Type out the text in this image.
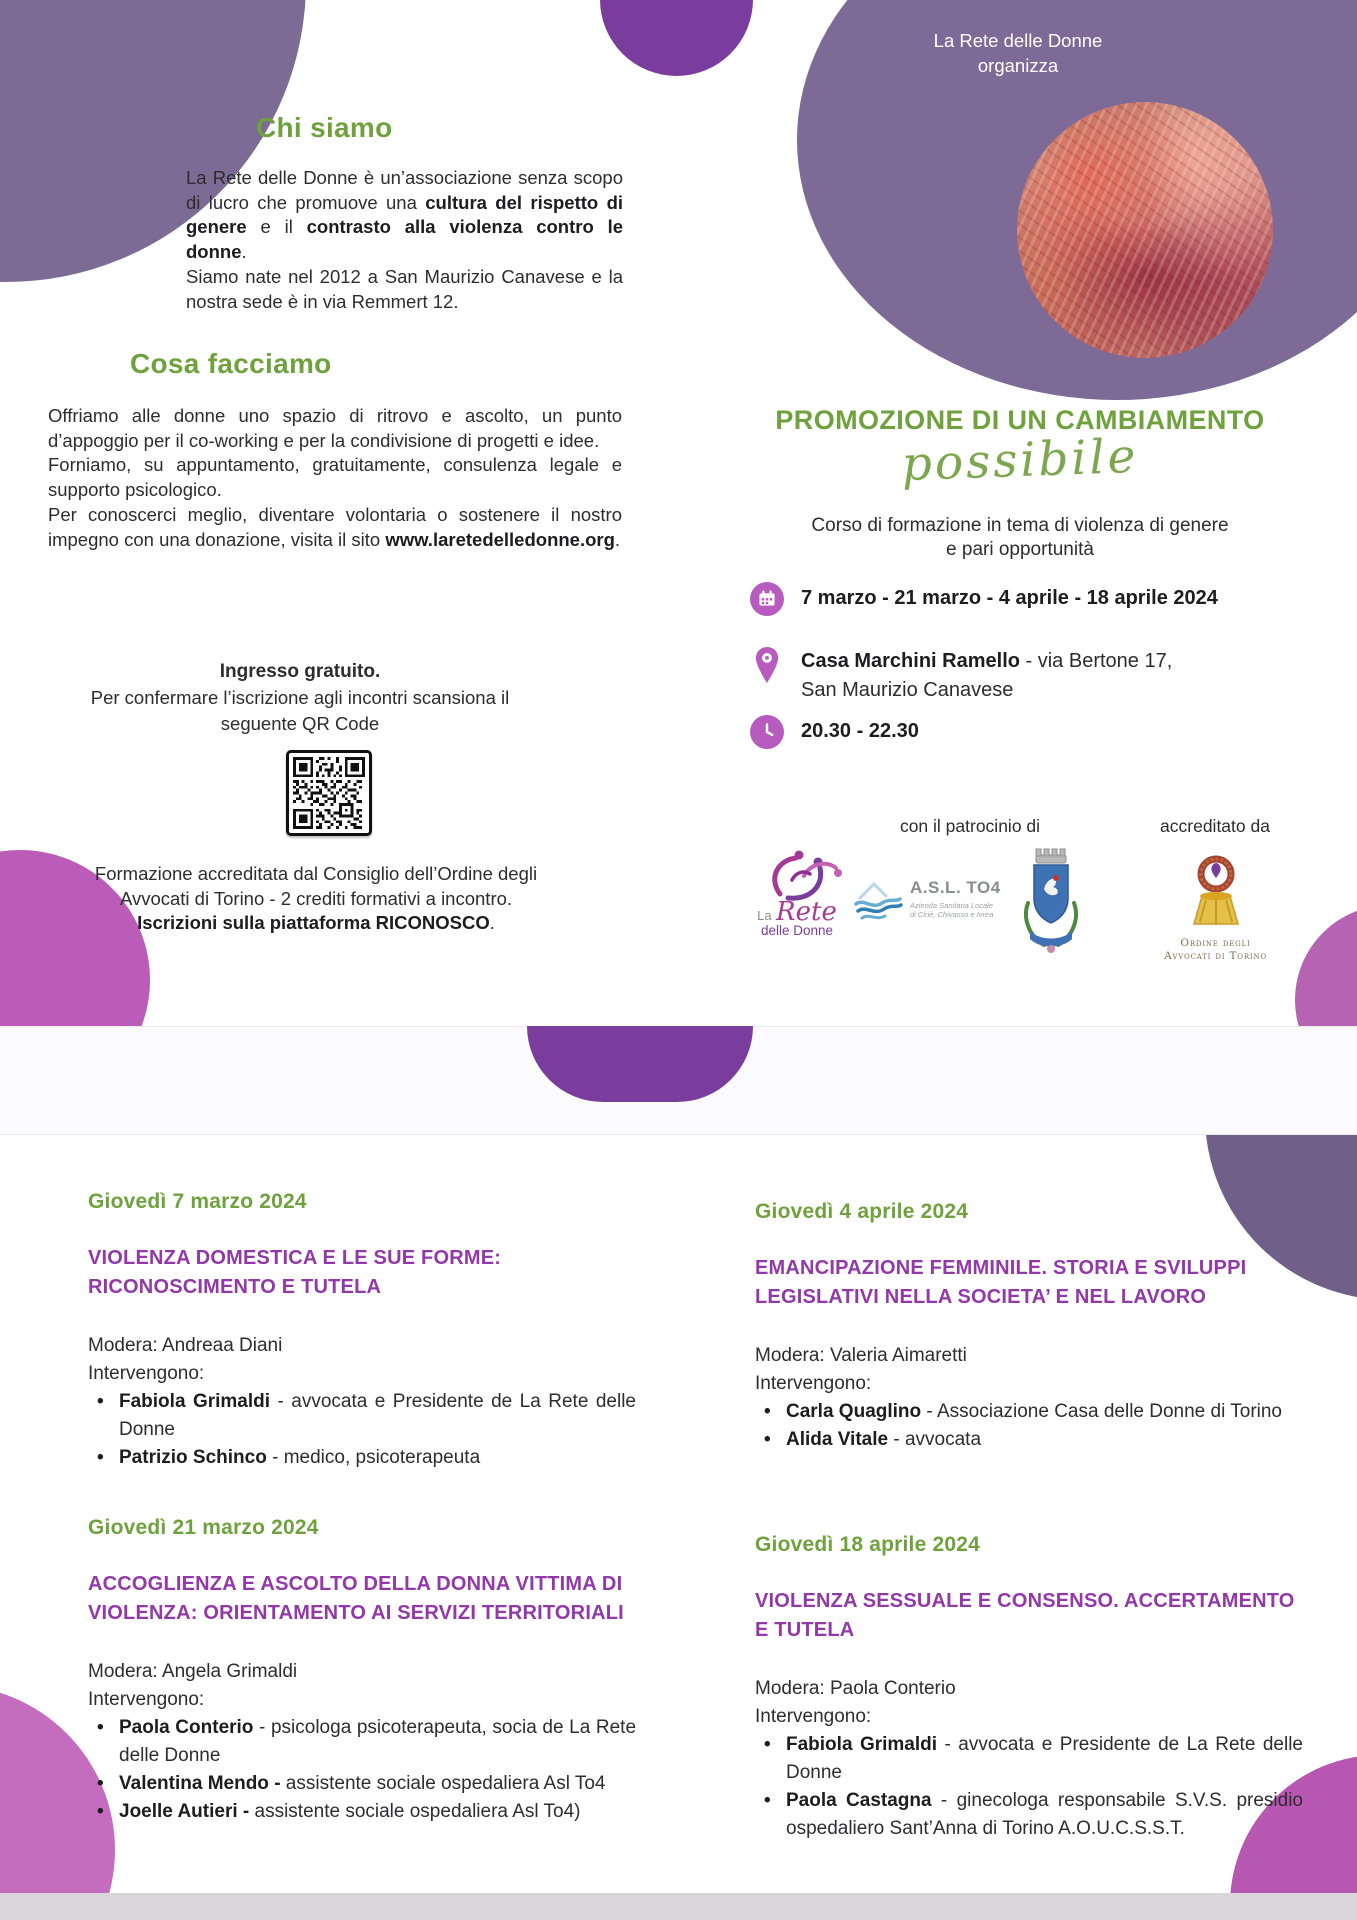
Chi siamo

La Rete delle Donne è un’associazione senza scopo di lucro che promuove una cultura del rispetto di genere e il contrasto alla violenza contro le donne.
Siamo nate nel 2012 a San Maurizio Canavese e la nostra sede è in via Remmert 12.

Cosa facciamo

Offriamo alle donne uno spazio di ritrovo e ascolto, un punto d’appoggio per il co-working e per la condivisione di progetti e idee.
Forniamo, su appuntamento, gratuitamente, consulenza legale e supporto psicologico.
Per conoscerci meglio, diventare volontaria o sostenere il nostro impegno con una donazione, visita il sito www.laretedelledonne.org.

Ingresso gratuito.
Per confermare l’iscrizione agli incontri scansiona il seguente QR Code
Formazione accreditata dal Consiglio dell’Ordine degli Avvocati di Torino - 2 crediti formativi a incontro.
Iscrizioni sulla piattaforma RICONOSCO.
La Rete delle Donne
organizza
PROMOZIONE DI UN CAMBIAMENTO
possibile
Corso di formazione in tema di violenza di genere
e pari opportunità
7 marzo - 21 marzo - 4 aprile - 18 aprile 2024
Casa Marchini Ramello - via Bertone 17,
San Maurizio Canavese
20.30 - 22.30
con il patrocinio di	accreditato da
La Rete
delle Donne
A.S.L. TO4
Azienda Sanitaria Locale
di Ciriè, Chivasso e Ivrea
Ordine degli
Avvocati di Torino
Giovedì 7 marzo 2024
VIOLENZA DOMESTICA E LE SUE FORME: RICONOSCIMENTO E TUTELA

Modera: Andreaa Diani

Intervengono:

• Fabiola Grimaldi - avvocata e Presidente de La Rete delle Donne
• Patrizio Schinco - medico, psicoterapeuta
Giovedì 21 marzo 2024
ACCOGLIENZA E ASCOLTO DELLA DONNA VITTIMA DI VIOLENZA: ORIENTAMENTO AI SERVIZI TERRITORIALI

Modera: Angela Grimaldi

Intervengono:

• Paola Conterio - psicologa psicoterapeuta, socia de La Rete delle Donne
• Valentina Mendo - assistente sociale ospedaliera Asl To4
• Joelle Autieri - assistente sociale ospedaliera Asl To4)
Giovedì 4 aprile 2024
EMANCIPAZIONE FEMMINILE. STORIA E SVILUPPI LEGISLATIVI NELLA SOCIETA’ E NEL LAVORO

Modera: Valeria Aimaretti

Intervengono:

• Carla Quaglino - Associazione Casa delle Donne di Torino
• Alida Vitale - avvocata
Giovedì 18 aprile 2024
VIOLENZA SESSUALE E CONSENSO. ACCERTAMENTO E TUTELA

Modera: Paola Conterio

Intervengono:

• Fabiola Grimaldi - avvocata e Presidente de La Rete delle Donne
• Paola Castagna - ginecologa responsabile S.V.S. presidio ospedaliero Sant’Anna di Torino A.O.U.C.S.S.T.
